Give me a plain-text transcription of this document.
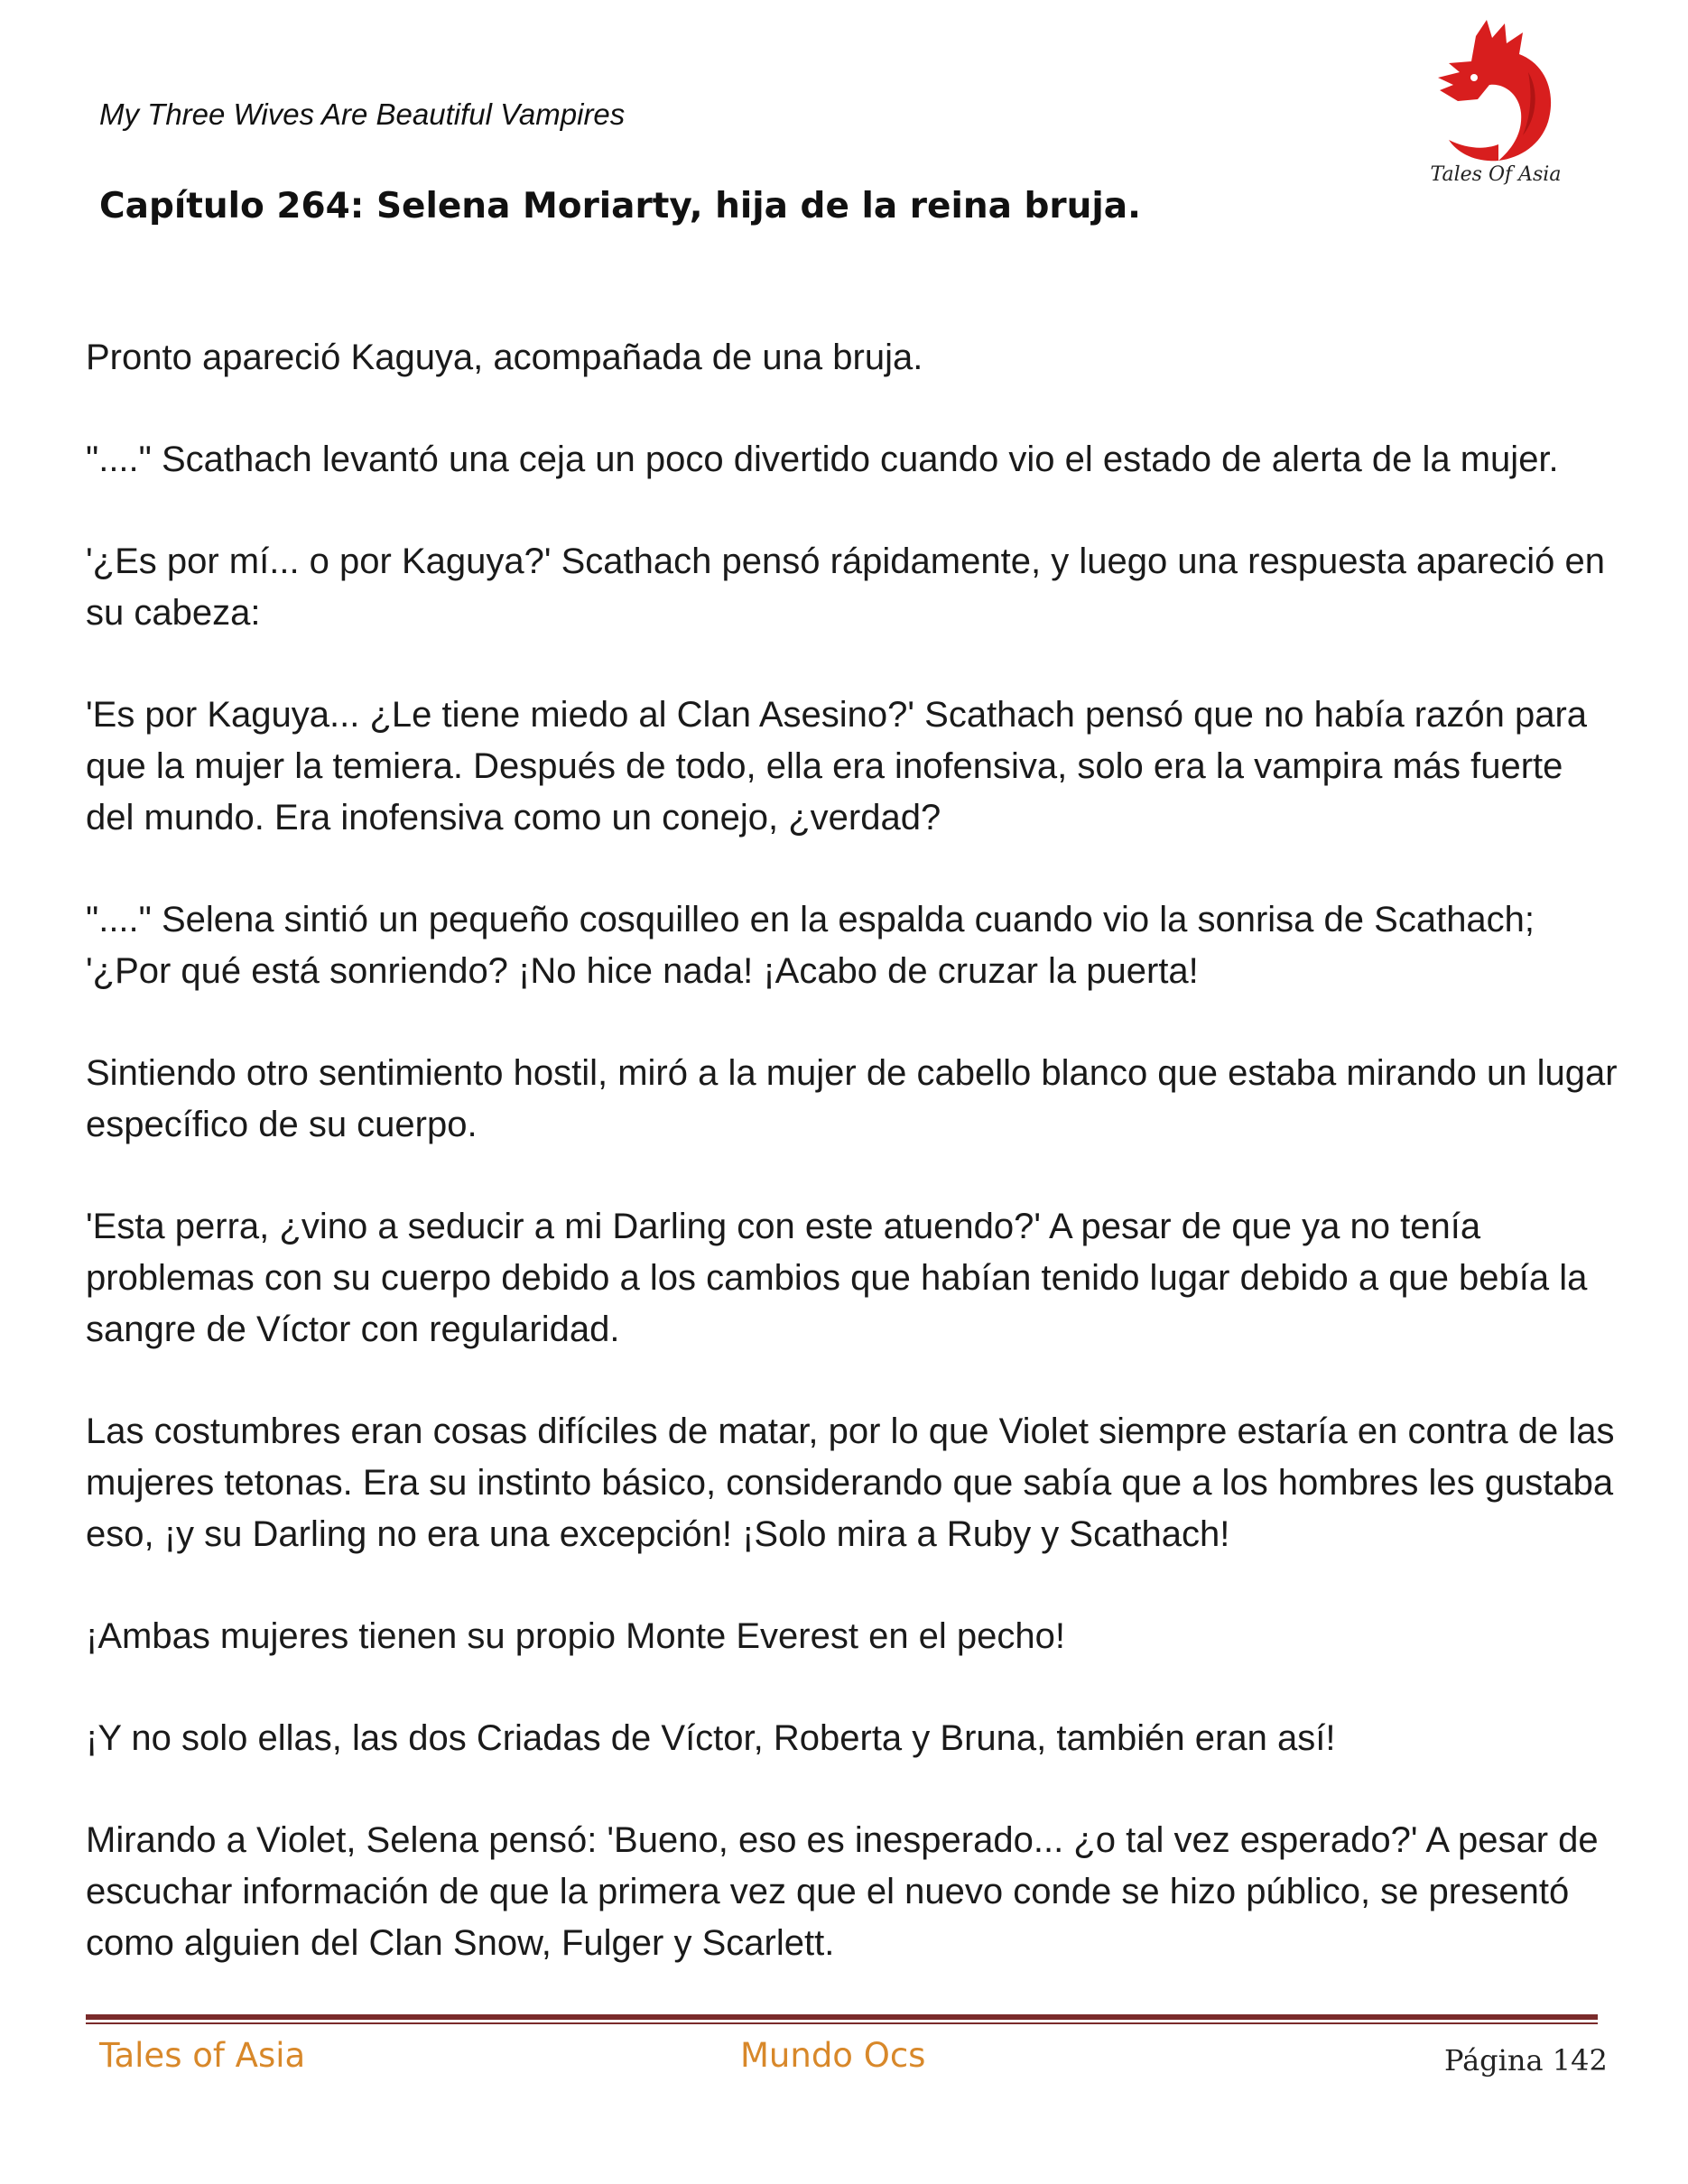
My Three Wives Are Beautiful Vampires
Tales Of Asia
Capítulo 264: Selena Moriarty, hija de la reina bruja.

Pronto apareció Kaguya, acompañada de una bruja.

"...." Scathach levantó una ceja un poco divertido cuando vio el estado de alerta de la mujer.

'¿Es por mí... o por Kaguya?' Scathach pensó rápidamente, y luego una respuesta apareció en su cabeza:

'Es por Kaguya... ¿Le tiene miedo al Clan Asesino?' Scathach pensó que no había razón para que la mujer la temiera. Después de todo, ella era inofensiva, solo era la vampira más fuerte del mundo. Era inofensiva como un conejo, ¿verdad?

"...." Selena sintió un pequeño cosquilleo en la espalda cuando vio la sonrisa de Scathach; '¿Por qué está sonriendo? ¡No hice nada! ¡Acabo de cruzar la puerta!

Sintiendo otro sentimiento hostil, miró a la mujer de cabello blanco que estaba mirando un lugar específico de su cuerpo.

'Esta perra, ¿vino a seducir a mi Darling con este atuendo?' A pesar de que ya no tenía problemas con su cuerpo debido a los cambios que habían tenido lugar debido a que bebía la sangre de Víctor con regularidad.

Las costumbres eran cosas difíciles de matar, por lo que Violet siempre estaría en contra de las mujeres tetonas. Era su instinto básico, considerando que sabía que a los hombres les gustaba eso, ¡y su Darling no era una excepción! ¡Solo mira a Ruby y Scathach!

¡Ambas mujeres tienen su propio Monte Everest en el pecho!

¡Y no solo ellas, las dos Criadas de Víctor, Roberta y Bruna, también eran así!

Mirando a Violet, Selena pensó: 'Bueno, eso es inesperado... ¿o tal vez esperado?' A pesar de escuchar información de que la primera vez que el nuevo conde se hizo público, se presentó como alguien del Clan Snow, Fulger y Scarlett.

Tales of Asia	Mundo Ocs	Página 142
